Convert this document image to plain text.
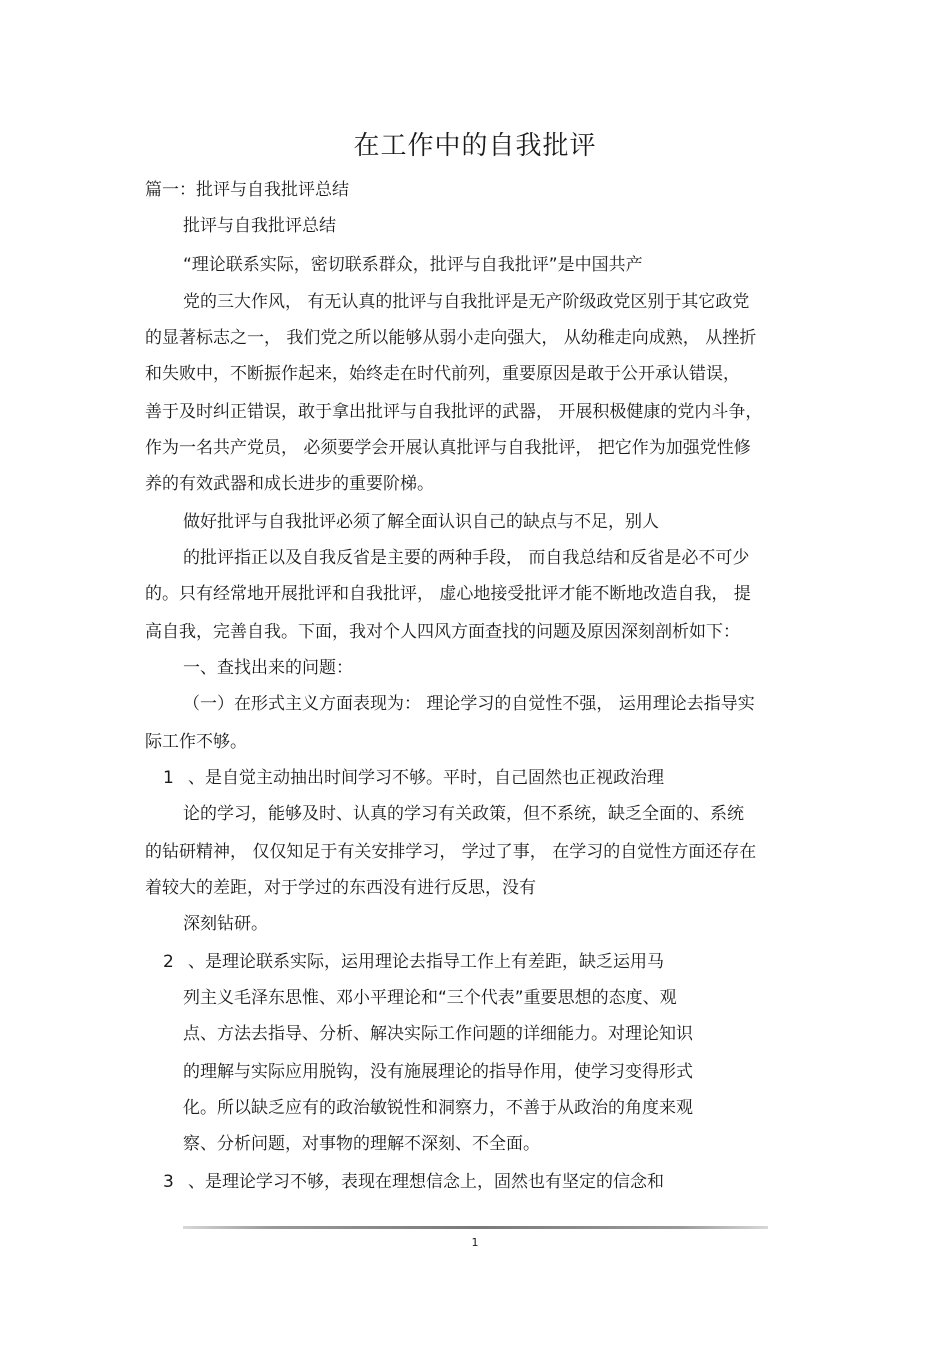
在工作中的自我批评
篇一：批评与自我批评总结
批评与自我批评总结
“理论联系实际，密切联系群众，批评与自我批评”是中国共产
党的三大作风， 有无认真的批评与自我批评是无产阶级政党区别于其它政党
的显著标志之一， 我们党之所以能够从弱小走向强大， 从幼稚走向成熟， 从挫折
和失败中，不断振作起来，始终走在时代前列，重要原因是敢于公开承认错误，
善于及时纠正错误，敢于拿出批评与自我批评的武器， 开展积极健康的党内斗争，
作为一名共产党员， 必须要学会开展认真批评与自我批评， 把它作为加强党性修
养的有效武器和成长进步的重要阶梯。
做好批评与自我批评必须了解全面认识自己的缺点与不足，别人
的批评指正以及自我反省是主要的两种手段， 而自我总结和反省是必不可少
的。只有经常地开展批评和自我批评， 虚心地接受批评才能不断地改造自我， 提
高自我，完善自我。下面，我对个人四风方面查找的问题及原因深刻剖析如下：
一、查找出来的问题：
（一）在形式主义方面表现为： 理论学习的自觉性不强， 运用理论去指导实
际工作不够。
1 、是自觉主动抽出时间学习不够。平时，自己固然也正视政治理
论的学习，能够及时、认真的学习有关政策，但不系统，缺乏全面的、系统
的钻研精神， 仅仅知足于有关安排学习， 学过了事， 在学习的自觉性方面还存在
着较大的差距，对于学过的东西没有进行反思，没有
深刻钻研。
2 、是理论联系实际，运用理论去指导工作上有差距，缺乏运用马
列主义毛泽东思惟、邓小平理论和“三个代表”重要思想的态度、观
点、方法去指导、分析、解决实际工作问题的详细能力。对理论知识
的理解与实际应用脱钩，没有施展理论的指导作用，使学习变得形式
化。所以缺乏应有的政治敏锐性和洞察力，不善于从政治的角度来观
察、分析问题，对事物的理解不深刻、不全面。
3 、是理论学习不够，表现在理想信念上，固然也有坚定的信念和
1
